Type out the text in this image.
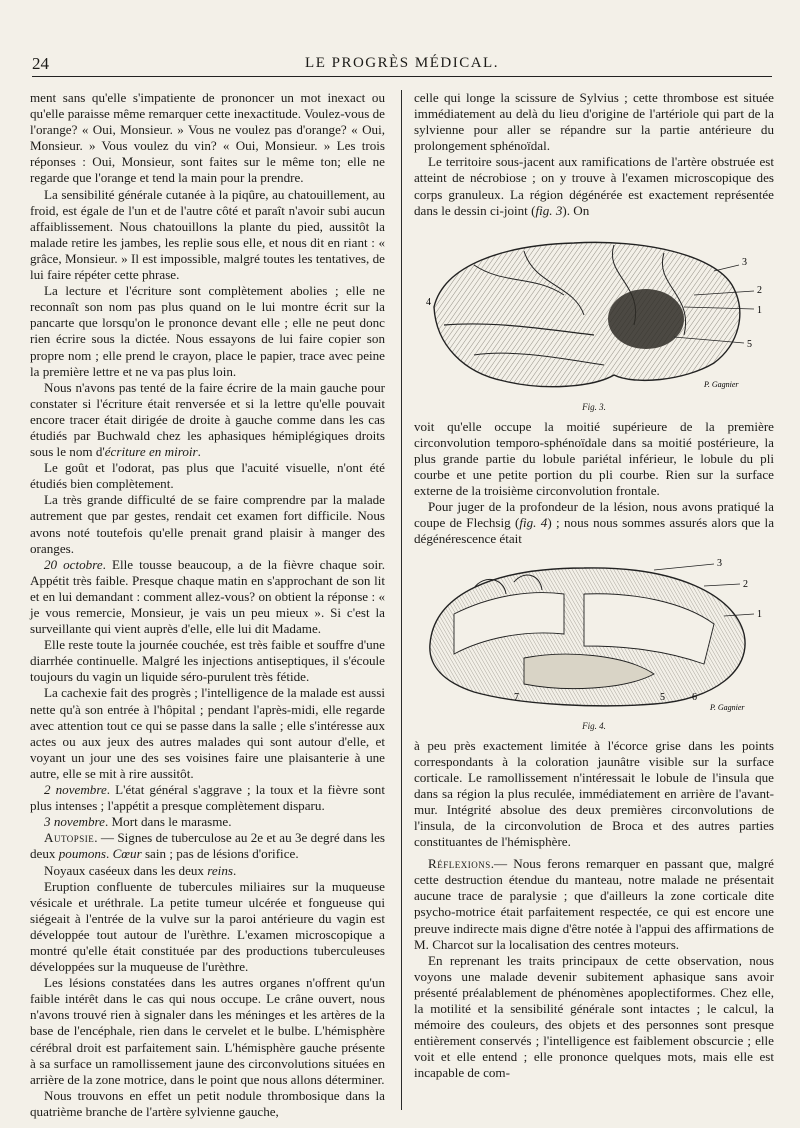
24	LE PROGRÈS MÉDICAL.

ment sans qu'elle s'impatiente de prononcer un mot inexact ou qu'elle paraisse même remarquer cette inexactitude. Voulez-vous de l'orange? « Oui, Monsieur. » Vous ne voulez pas d'orange? « Oui, Monsieur. » Vous voulez du vin? « Oui, Monsieur. » Les trois réponses : Oui, Monsieur, sont faites sur le même ton; elle ne regarde que l'orange et tend la main pour la prendre.

La sensibilité générale cutanée à la piqûre, au chatouillement, au froid, est égale de l'un et de l'autre côté et paraît n'avoir subi aucun affaiblissement. Nous chatouillons la plante du pied, aussitôt la malade retire les jambes, les replie sous elle, et nous dit en riant : « grâce, Monsieur. » Il est impossible, malgré toutes les tentatives, de lui faire répéter cette phrase.

La lecture et l'écriture sont complètement abolies ; elle ne reconnaît son nom pas plus quand on le lui montre écrit sur la pancarte que lorsqu'on le prononce devant elle ; elle ne peut donc rien écrire sous la dictée. Nous essayons de lui faire copier son propre nom ; elle prend le crayon, place le papier, trace avec peine la première lettre et ne va pas plus loin.

Nous n'avons pas tenté de la faire écrire de la main gauche pour constater si l'écriture était renversée et si la lettre qu'elle pouvait encore tracer était dirigée de droite à gauche comme dans les cas étudiés par Buchwald chez les aphasiques hémiplégiques droits sous le nom d'écriture en miroir.

Le goût et l'odorat, pas plus que l'acuité visuelle, n'ont été étudiés bien complètement.

La très grande difficulté de se faire comprendre par la malade autrement que par gestes, rendait cet examen fort difficile. Nous avons noté toutefois qu'elle prenait grand plaisir à manger des oranges.

20 octobre. Elle tousse beaucoup, a de la fièvre chaque soir. Appétit très faible. Presque chaque matin en s'approchant de son lit et en lui demandant : comment allez-vous? on obtient la réponse : « je vous remercie, Monsieur, je vais un peu mieux ». Si c'est la surveillante qui vient auprès d'elle, elle lui dit Madame.

Elle reste toute la journée couchée, est très faible et souffre d'une diarrhée continuelle. Malgré les injections antiseptiques, il s'écoule toujours du vagin un liquide séro-purulent très fétide.

La cachexie fait des progrès ; l'intelligence de la malade est aussi nette qu'à son entrée à l'hôpital ; pendant l'après-midi, elle regarde avec attention tout ce qui se passe dans la salle ; elle s'intéresse aux actes ou aux jeux des autres malades qui sont autour d'elle, et voyant un jour une des ses voisines faire une plaisanterie à une autre, elle se mit à rire aussitôt.

2 novembre. L'état général s'aggrave ; la toux et la fièvre sont plus intenses ; l'appétit a presque complètement disparu.

3 novembre. Mort dans le marasme.

Autopsie. — Signes de tuberculose au 2e et au 3e degré dans les deux poumons. Cœur sain ; pas de lésions d'orifice.

Noyaux caséeux dans les deux reins.

Eruption confluente de tubercules miliaires sur la muqueuse vésicale et uréthrale. La petite tumeur ulcérée et fongueuse qui siégeait à l'entrée de la vulve sur la paroi antérieure du vagin est développée tout autour de l'urèthre. L'examen microscopique a montré qu'elle était constituée par des productions tuberculeuses développées sur la muqueuse de l'urèthre.

Les lésions constatées dans les autres organes n'offrent qu'un faible intérêt dans le cas qui nous occupe. Le crâne ouvert, nous n'avons trouvé rien à signaler dans les méninges et les artères de la base de l'encéphale, rien dans le cervelet et le bulbe. L'hémisphère cérébral droit est parfaitement sain. L'hémisphère gauche présente à sa surface un ramollissement jaune des circonvolutions situées en arrière de la zone motrice, dans le point que nous allons déterminer.

Nous trouvons en effet un petit nodule thrombosique dans la quatrième branche de l'artère sylvienne gauche,

celle qui longe la scissure de Sylvius ; cette thrombose est située immédiatement au delà du lieu d'origine de l'artériole qui part de la sylvienne pour aller se répandre sur la partie antérieure du prolongement sphénoïdal.

Le territoire sous-jacent aux ramifications de l'artère obstruée est atteint de nécrobiose ; on y trouve à l'examen microscopique des corps granuleux. La région dégénérée est exactement représentée dans le dessin ci-joint (fig. 3). On

3
2
1
5
4
P. Gagnier
Fig. 3.

voit qu'elle occupe la moitié supérieure de la première circonvolution temporo-sphénoïdale dans sa moitié postérieure, la plus grande partie du lobule pariétal inférieur, le lobule du pli courbe et une petite portion du pli courbe. Rien sur la surface externe de la troisième circonvolution frontale.

Pour juger de la profondeur de la lésion, nous avons pratiqué la coupe de Flechsig (fig. 4) ; nous nous sommes assurés alors que la dégénérescence était

3
2
1
7	5	6
P. Gagnier
Fig. 4.

à peu près exactement limitée à l'écorce grise dans les points correspondants à la coloration jaunâtre visible sur la surface corticale. Le ramollissement n'intéressait le lobule de l'insula que dans sa région la plus reculée, immédiatement en arrière de l'avant-mur. Intégrité absolue des deux premières circonvolutions de l'insula, de la circonvolution de Broca et des autres parties constituantes de l'hémisphère.

Réflexions.— Nous ferons remarquer en passant que, malgré cette destruction étendue du manteau, notre malade ne présentait aucune trace de paralysie ; que d'ailleurs la zone corticale dite psycho-motrice était parfaitement respectée, ce qui est encore une preuve indirecte mais digne d'être notée à l'appui des affirmations de M. Charcot sur la localisation des centres moteurs.

En reprenant les traits principaux de cette observation, nous voyons une malade devenir subitement aphasique sans avoir présenté préalablement de phénomènes apoplectiformes. Chez elle, la motilité et la sensibilité générale sont intactes ; le calcul, la mémoire des couleurs, des objets et des personnes sont presque entièrement conservés ; l'intelligence est faiblement obscurcie ; elle voit et elle entend ; elle prononce quelques mots, mais elle est incapable de com-
